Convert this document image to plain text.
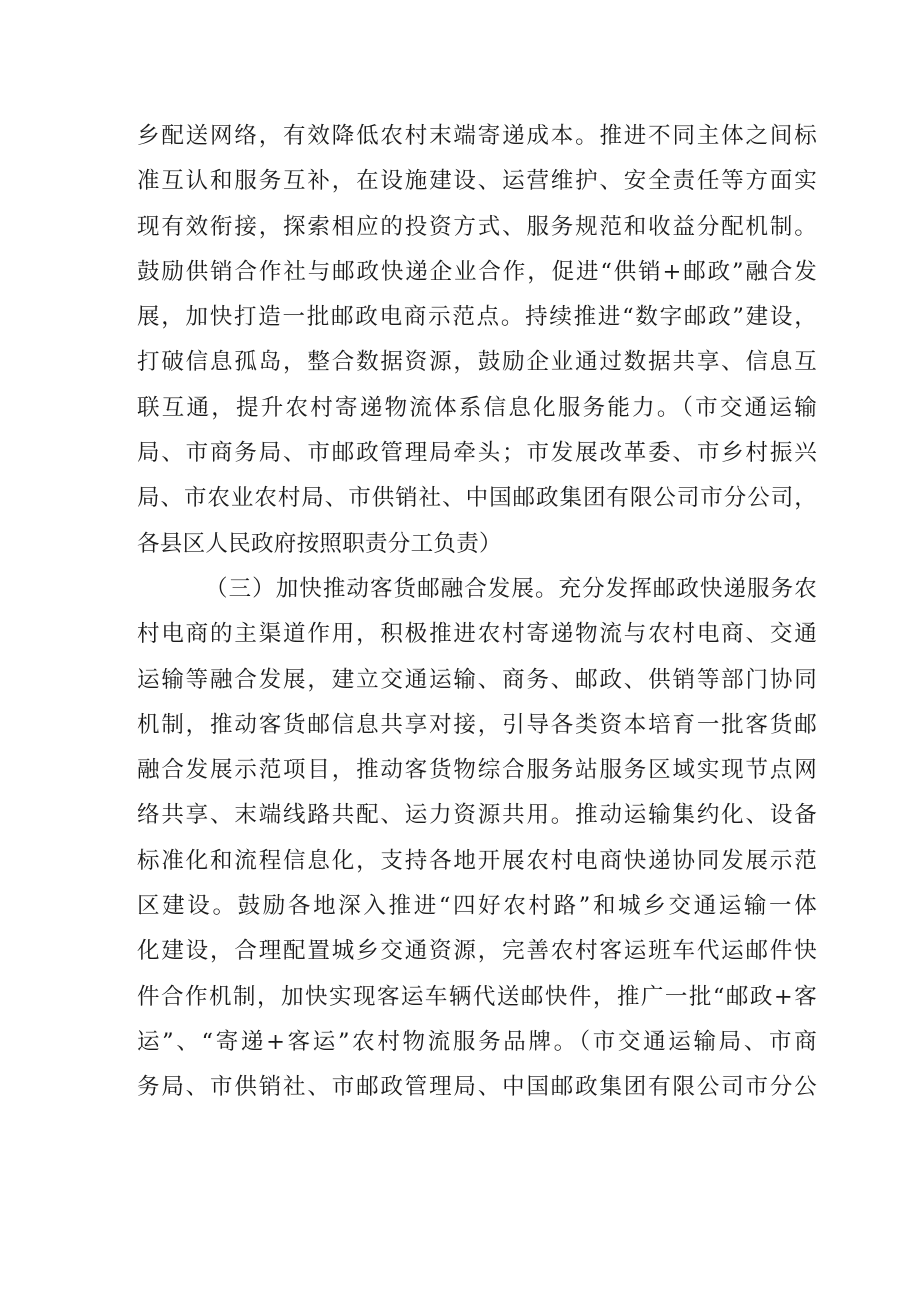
乡配送网络，有效降低农村末端寄递成本。推进不同主体之间标
准互认和服务互补，在设施建设、运营维护、安全责任等方面实
现有效衔接，探索相应的投资方式、服务规范和收益分配机制。
鼓励供销合作社与邮政快递企业合作，促进“供销+邮政”融合发
展，加快打造一批邮政电商示范点。持续推进“数字邮政”建设，
打破信息孤岛，整合数据资源，鼓励企业通过数据共享、信息互
联互通，提升农村寄递物流体系信息化服务能力。（市交通运输
局、市商务局、市邮政管理局牵头；市发展改革委、市乡村振兴
局、市农业农村局、市供销社、中国邮政集团有限公司市分公司，
各县区人民政府按照职责分工负责）
（三）加快推动客货邮融合发展。充分发挥邮政快递服务农
村电商的主渠道作用，积极推进农村寄递物流与农村电商、交通
运输等融合发展，建立交通运输、商务、邮政、供销等部门协同
机制，推动客货邮信息共享对接，引导各类资本培育一批客货邮
融合发展示范项目，推动客货物综合服务站服务区域实现节点网
络共享、末端线路共配、运力资源共用。推动运输集约化、设备
标准化和流程信息化，支持各地开展农村电商快递协同发展示范
区建设。鼓励各地深入推进“四好农村路”和城乡交通运输一体
化建设，合理配置城乡交通资源，完善农村客运班车代运邮件快
件合作机制，加快实现客运车辆代送邮快件，推广一批“邮政+客
运”、“寄递+客运”农村物流服务品牌。（市交通运输局、市商
务局、市供销社、市邮政管理局、中国邮政集团有限公司市分公
